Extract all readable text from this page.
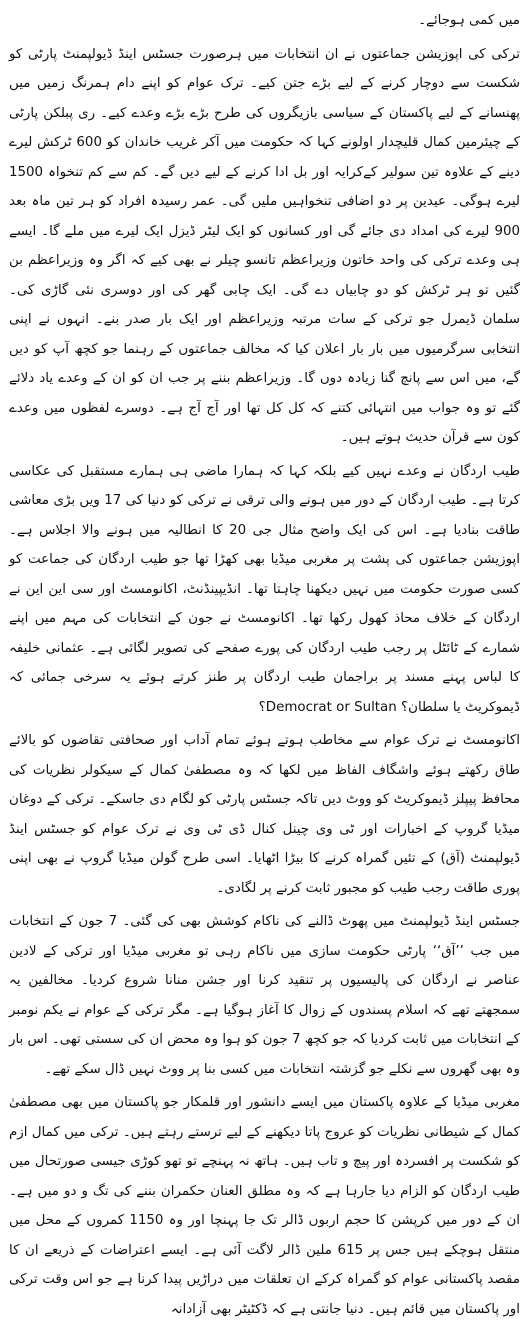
میں کمی ہوجائے۔

ترکی کی اپوزیشن جماعتوں نے ان انتخابات میں ہرصورت جسٹس اینڈ ڈیولپمنٹ پارٹی کو شکست سے دوچار کرنے کے لیے بڑے جتن کیے۔ ترک عوام کو اپنے دام ہمرنگ زمیں میں پھنسانے کے لیے پاکستان کے سیاسی بازیگروں کی طرح بڑے بڑے وعدے کیے۔ ری پبلکن پارٹی کے چیئرمین کمال قلیچدار اولونے کہا کہ حکومت میں آکر غریب خاندان کو 600 ٹرکش لیرے دینے کے علاوہ تین سولیر کےکرایہ اور بل ادا کرنے کے لیے دیں گے۔ کم سے کم تنخواہ 1500 لیرے ہوگی۔ عیدین پر دو اضافی تنخواہیں ملیں گی۔ عمر رسیدہ افراد کو ہر تین ماہ بعد 900 لیرے کی امداد دی جائے گی اور کسانوں کو ایک لیٹر ڈیزل ایک لیرے میں ملے گا۔ ایسے ہی وعدے ترکی کی واحد خاتون وزیراعظم تانسو چیلر نے بھی کیے کہ اگر وہ وزیراعظم بن گئیں تو ہر ٹرکش کو دو چابیاں دے گی۔ ایک چابی گھر کی اور دوسری نئی گاڑی کی۔ سلمان ڈیمرل جو ترکی کے سات مرتبہ وزیراعظم اور ایک بار صدر بنے۔ انہوں نے اپنی انتخابی سرگرمیوں میں بار بار اعلان کیا کہ مخالف جماعتوں کے رہنما جو کچھ آپ کو دیں گے، میں اس سے پانچ گنا زیادہ دوں گا۔ وزیراعظم بننے پر جب ان کو ان کے وعدے یاد دلائے گئے تو وہ جواب میں انتہائی کتنے کہ کل کل تھا اور آج آج ہے۔ دوسرے لفظوں میں وعدے کون سے قرآن حدیث ہوتے ہیں۔

طیب اردگان نے وعدے نہیں کیے بلکہ کہا کہ ہمارا ماضی ہی ہمارے مستقبل کی عکاسی کرتا ہے۔ طیب اردگان کے دور میں ہونے والی ترقی نے ترکی کو دنیا کی 17 ویں بڑی معاشی طاقت بنادیا ہے۔ اس کی ایک واضح مثال جی 20 کا انطالیہ میں ہونے والا اجلاس ہے۔ اپوزیشن جماعتوں کی پشت پر مغربی میڈیا بھی کھڑا تھا جو طیب اردگان کی جماعت کو کسی صورت حکومت میں نہیں دیکھنا چاہتا تھا۔ انڈیپینڈنٹ، اکانومسٹ اور سی این این نے اردگان کے خلاف محاذ کھول رکھا تھا۔ اکانومسٹ نے جون کے انتخابات کی مہم میں اپنے شمارے کے ٹائٹل پر رجب طیب اردگان کی پورے صفحے کی تصویر لگائی ہے۔ عثمانی خلیفہ کا لباس پہنے مسند پر براجمان طیب اردگان پر طنز کرتے ہوئے یہ سرخی جمائی کہ ڈیموکریٹ یا سلطان؟ Democrat or Sultan؟

اکانومسٹ نے ترک عوام سے مخاطب ہوتے ہوئے تمام آداب اور صحافتی تقاضوں کو بالائے طاق رکھتے ہوئے واشگاف الفاظ میں لکھا کہ وہ مصطفیٰ کمال کے سیکولر نظریات کی محافظ پیپلز ڈیموکریٹ کو ووٹ دیں تاکہ جسٹس پارٹی کو لگام دی جاسکے۔ ترکی کے دوغان میڈیا گروپ کے اخبارات اور ٹی وی چینل کنال ڈی ٹی وی نے ترک عوام کو جسٹس اینڈ ڈیولپمنٹ (آق) کے تئیں گمراہ کرنے کا بیڑا اٹھایا۔ اسی طرح گولن میڈیا گروپ نے بھی اپنی پوری طاقت رجب طیب کو مجبور ثابت کرنے پر لگادی۔

جسٹس اینڈ ڈیولپمنٹ میں پھوٹ ڈالنے کی ناکام کوشش بھی کی گئی۔ 7 جون کے انتخابات میں جب ’’آق‘‘ پارٹی حکومت سازی میں ناکام رہی تو مغربی میڈیا اور ترکی کے لادین عناصر نے اردگان کی پالیسیوں پر تنقید کرنا اور جشن منانا شروع کردیا۔ مخالفین یہ سمجھتے تھے کہ اسلام پسندوں کے زوال کا آغاز ہوگیا ہے۔ مگر ترکی کے عوام نے یکم نومبر کے انتخابات میں ثابت کردیا کہ جو کچھ 7 جون کو ہوا وہ محض ان کی سستی تھی۔ اس بار وہ بھی گھروں سے نکلے جو گزشتہ انتخابات میں کسی بنا پر ووٹ نہیں ڈال سکے تھے۔

مغربی میڈیا کے علاوہ پاکستان میں ایسے دانشور اور قلمکار جو پاکستان میں بھی مصطفیٰ کمال کے شیطانی نظریات کو عروج پاتا دیکھنے کے لیے ترستے رہتے ہیں۔ ترکی میں کمال ازم کو شکست پر افسردہ اور پیچ و تاب ہیں۔ ہاتھ نہ پہنچے تو تھو کوڑی جیسی صورتحال میں طیب اردگان کو الزام دیا جارہا ہے کہ وہ مطلق العنان حکمران بننے کی تگ و دو میں ہے۔ ان کے دور میں کرپشن کا حجم اربوں ڈالر تک جا پہنچا اور وہ 1150 کمروں کے محل میں منتقل ہوچکے ہیں جس پر 615 ملین ڈالر لاگت آئی ہے۔ ایسے اعتراضات کے ذریعے ان کا مقصد پاکستانی عوام کو گمراہ کرکے ان تعلقات میں دراڑیں پیدا کرنا ہے جو اس وقت ترکی اور پاکستان میں قائم ہیں۔ دنیا جانتی ہے کہ ڈکٹیٹر بھی آزادانہ
